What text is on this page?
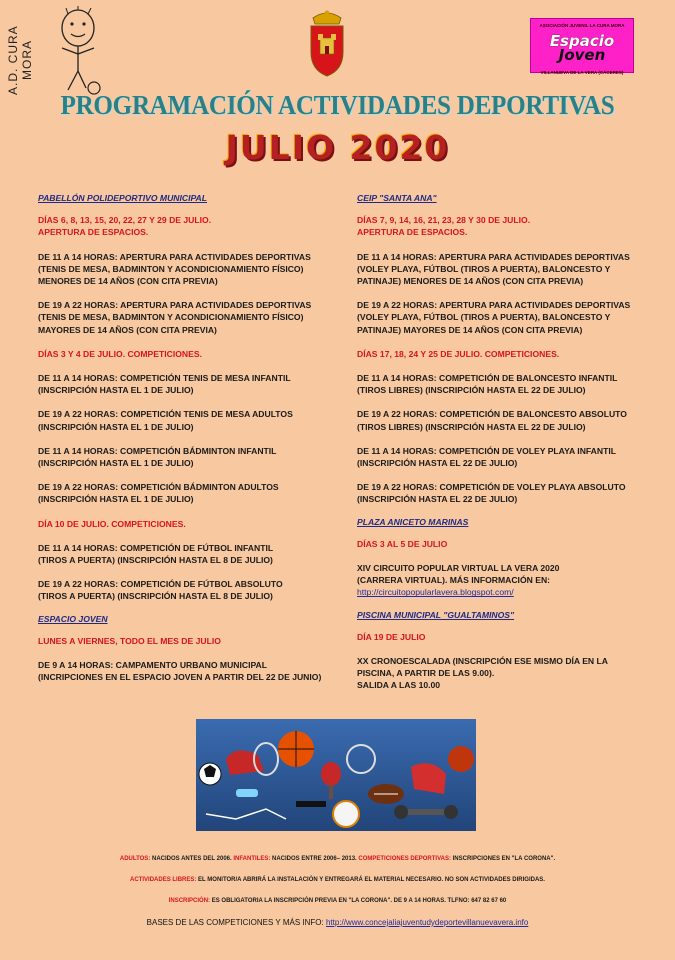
A.D. CURA MORA
ASOCIACIÓN JUVENIL LA CURA MORA
Espacio Joven
VILLANUEVA DE LA VERA (CÁCERES)
PROGRAMACIÓN ACTIVIDADES DEPORTIVAS
JULIO 2020
PABELLÓN POLIDEPORTIVO MUNICIPAL
DÍAS 6, 8, 13, 15, 20, 22, 27 Y 29 DE JULIO.
APERTURA DE ESPACIOS.
DE 11 A 14 HORAS: APERTURA PARA ACTIVIDADES DEPORTIVAS
(TENIS DE MESA, BADMINTON Y ACONDICIONAMIENTO FÍSICO)
MENORES DE 14 AÑOS (CON CITA PREVIA)
DE 19 A 22 HORAS: APERTURA PARA ACTIVIDADES DEPORTIVAS
(TENIS DE MESA, BADMINTON Y ACONDICIONAMIENTO FÍSICO)
MAYORES DE 14 AÑOS (CON CITA PREVIA)
DÍAS 3 Y 4 DE JULIO. COMPETICIONES.
DE 11 A 14 HORAS: COMPETICIÓN TENIS DE MESA INFANTIL
(INSCRIPCIÓN HASTA EL 1 DE JULIO)
DE 19 A 22 HORAS: COMPETICIÓN TENIS DE MESA ADULTOS
(INSCRIPCIÓN HASTA EL 1 DE JULIO)
DE 11 A 14 HORAS: COMPETICIÓN BÁDMINTON INFANTIL
(INSCRIPCIÓN HASTA EL 1 DE JULIO)
DE 19 A 22 HORAS: COMPETICIÓN BÁDMINTON ADULTOS
(INSCRIPCIÓN HASTA EL 1 DE JULIO)
DÍA 10 DE JULIO. COMPETICIONES.
DE 11 A 14 HORAS: COMPETICIÓN DE FÚTBOL INFANTIL
(TIROS A PUERTA) (INSCRIPCIÓN HASTA EL 8 DE JULIO)
DE 19 A 22 HORAS: COMPETICIÓN DE FÚTBOL ABSOLUTO
(TIROS A PUERTA) (INSCRIPCIÓN HASTA EL 8 DE JULIO)
ESPACIO JOVEN
LUNES A VIERNES, TODO EL MES DE JULIO
DE 9 A 14 HORAS: CAMPAMENTO URBANO MUNICIPAL
(INCRIPCIONES EN EL ESPACIO JOVEN A PARTIR DEL 22 DE JUNIO)
CEIP "SANTA ANA"
DÍAS 7, 9, 14, 16, 21, 23, 28 Y 30 DE JULIO.
APERTURA DE ESPACIOS.
DE 11 A 14 HORAS: APERTURA PARA ACTIVIDADES DEPORTIVAS
(VOLEY PLAYA, FÚTBOL (TIROS A PUERTA), BALONCESTO Y
PATINAJE) MENORES DE 14 AÑOS (CON CITA PREVIA)
DE 19 A 22 HORAS: APERTURA PARA ACTIVIDADES DEPORTIVAS
(VOLEY PLAYA, FÚTBOL (TIROS A PUERTA), BALONCESTO Y
PATINAJE) MAYORES DE 14 AÑOS (CON CITA PREVIA)
DÍAS 17, 18, 24 Y 25 DE JULIO. COMPETICIONES.
DE 11 A 14 HORAS: COMPETICIÓN DE BALONCESTO INFANTIL
(TIROS LIBRES) (INSCRIPCIÓN HASTA EL 22 DE JULIO)
DE 19 A 22 HORAS: COMPETICIÓN DE BALONCESTO ABSOLUTO
(TIROS LIBRES) (INSCRIPCIÓN HASTA EL 22 DE JULIO)
DE 11 A 14 HORAS: COMPETICIÓN DE VOLEY PLAYA INFANTIL
(INSCRIPCIÓN HASTA EL 22 DE JULIO)
DE 19 A 22 HORAS: COMPETICIÓN DE VOLEY PLAYA ABSOLUTO
(INSCRIPCIÓN HASTA EL 22 DE JULIO)
PLAZA ANICETO MARINAS
DÍAS 3 AL 5 DE JULIO
XIV CIRCUITO POPULAR VIRTUAL LA VERA 2020
(CARRERA VIRTUAL). MÁS INFORMACIÓN EN:
http://circuitopopularlavera.blogspot.com/
PISCINA MUNICIPAL "GUALTAMINOS"
DÍA 19 DE JULIO
XX CRONOESCALADA (INSCRIPCIÓN ESE MISMO DÍA EN LA
PISCINA, A PARTIR DE LAS 9.00).
SALIDA A LAS 10.00
ADULTOS: NACIDOS ANTES DEL 2006. INFANTILES: NACIDOS ENTRE 2006– 2013. COMPETICIONES DEPORTIVAS: INSCRIPCIONES EN "LA CORONA".
ACTIVIDADES LIBRES: EL MONITOR/A ABRIRÁ LA INSTALACIÓN Y ENTREGARÁ EL MATERIAL NECESARIO. NO SON ACTIVIDADES DIRIGIDAS.
INSCRIPCIÓN: ES OBLIGATORIA LA INSCRIPCIÓN PREVIA EN "LA CORONA". DE 9 A 14 HORAS. TLFNO: 647 82 67 60
BASES DE LAS COMPETICIONES Y MÁS INFO: http://www.concejaliajuventudydeportevillanuevavera.info
